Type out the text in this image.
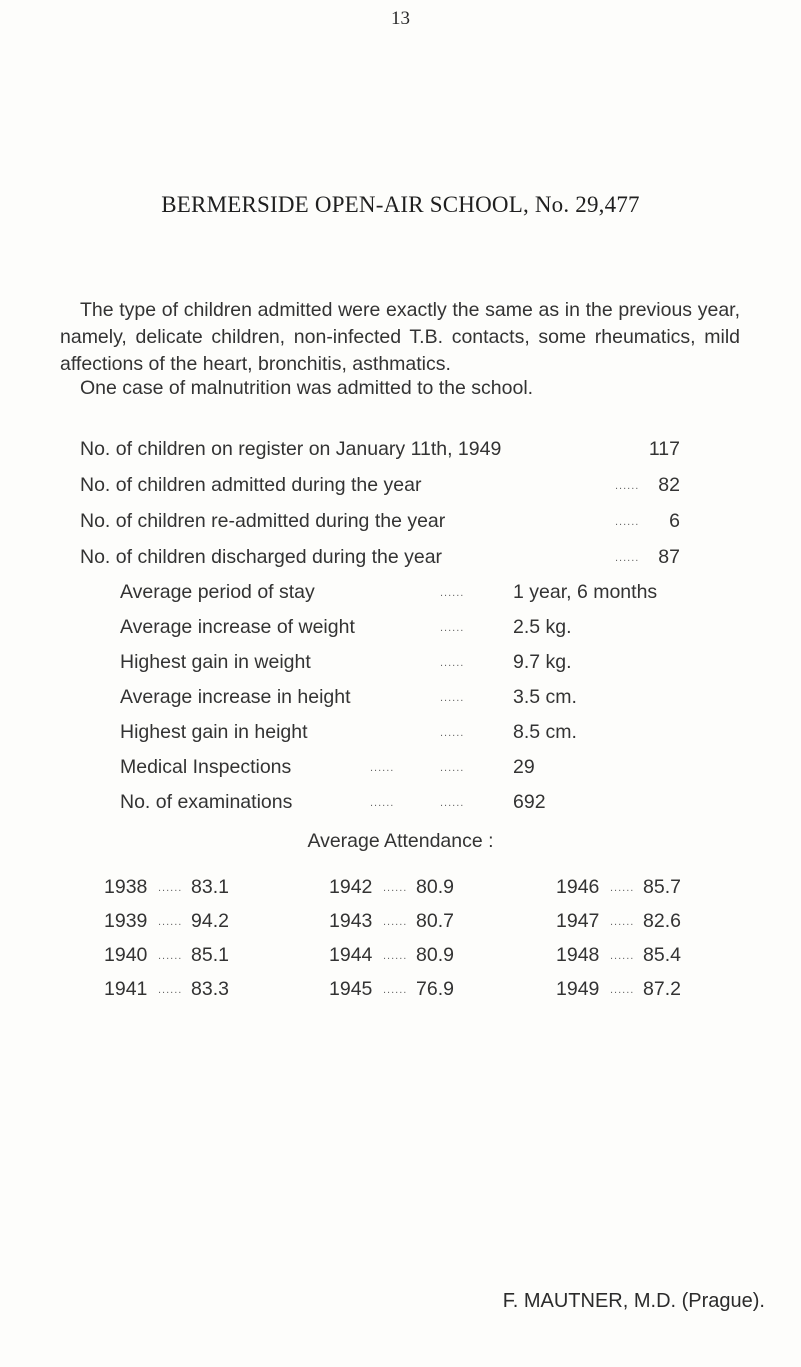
13
BERMERSIDE OPEN-AIR SCHOOL, No. 29,477
The type of children admitted were exactly the same as in the previous year, namely, delicate children, non-infected T.B. contacts, some rheumatics, mild affections of the heart, bronchitis, asthmatics.
One case of malnutrition was admitted to the school.
No. of children on register on January 11th, 1949	117
No. of children admitted during the year	...... 82
No. of children re-admitted during the year	......	6
No. of children discharged during the year	...... 87
Average period of stay	...... 1 year, 6 months
Average increase of weight	...... 2.5 kg.
Highest gain in weight	...... 9.7 kg.
Average increase in height	...... 3.5 cm.
Highest gain in height	...... 8.5 cm.
Medical Inspections	......	...... 29
No. of examinations	......	...... 692
Average Attendance :
1938 ...... 83.1
1939 ...... 94.2
1940 ...... 85.1
1941 ...... 83.3
1942 ...... 80.9
1943 ...... 80.7
1944 ...... 80.9
1945 ...... 76.9
1946 ...... 85.7
1947 ...... 82.6
1948 ...... 85.4
1949 ...... 87.2
F. MAUTNER, M.D. (Prague).
